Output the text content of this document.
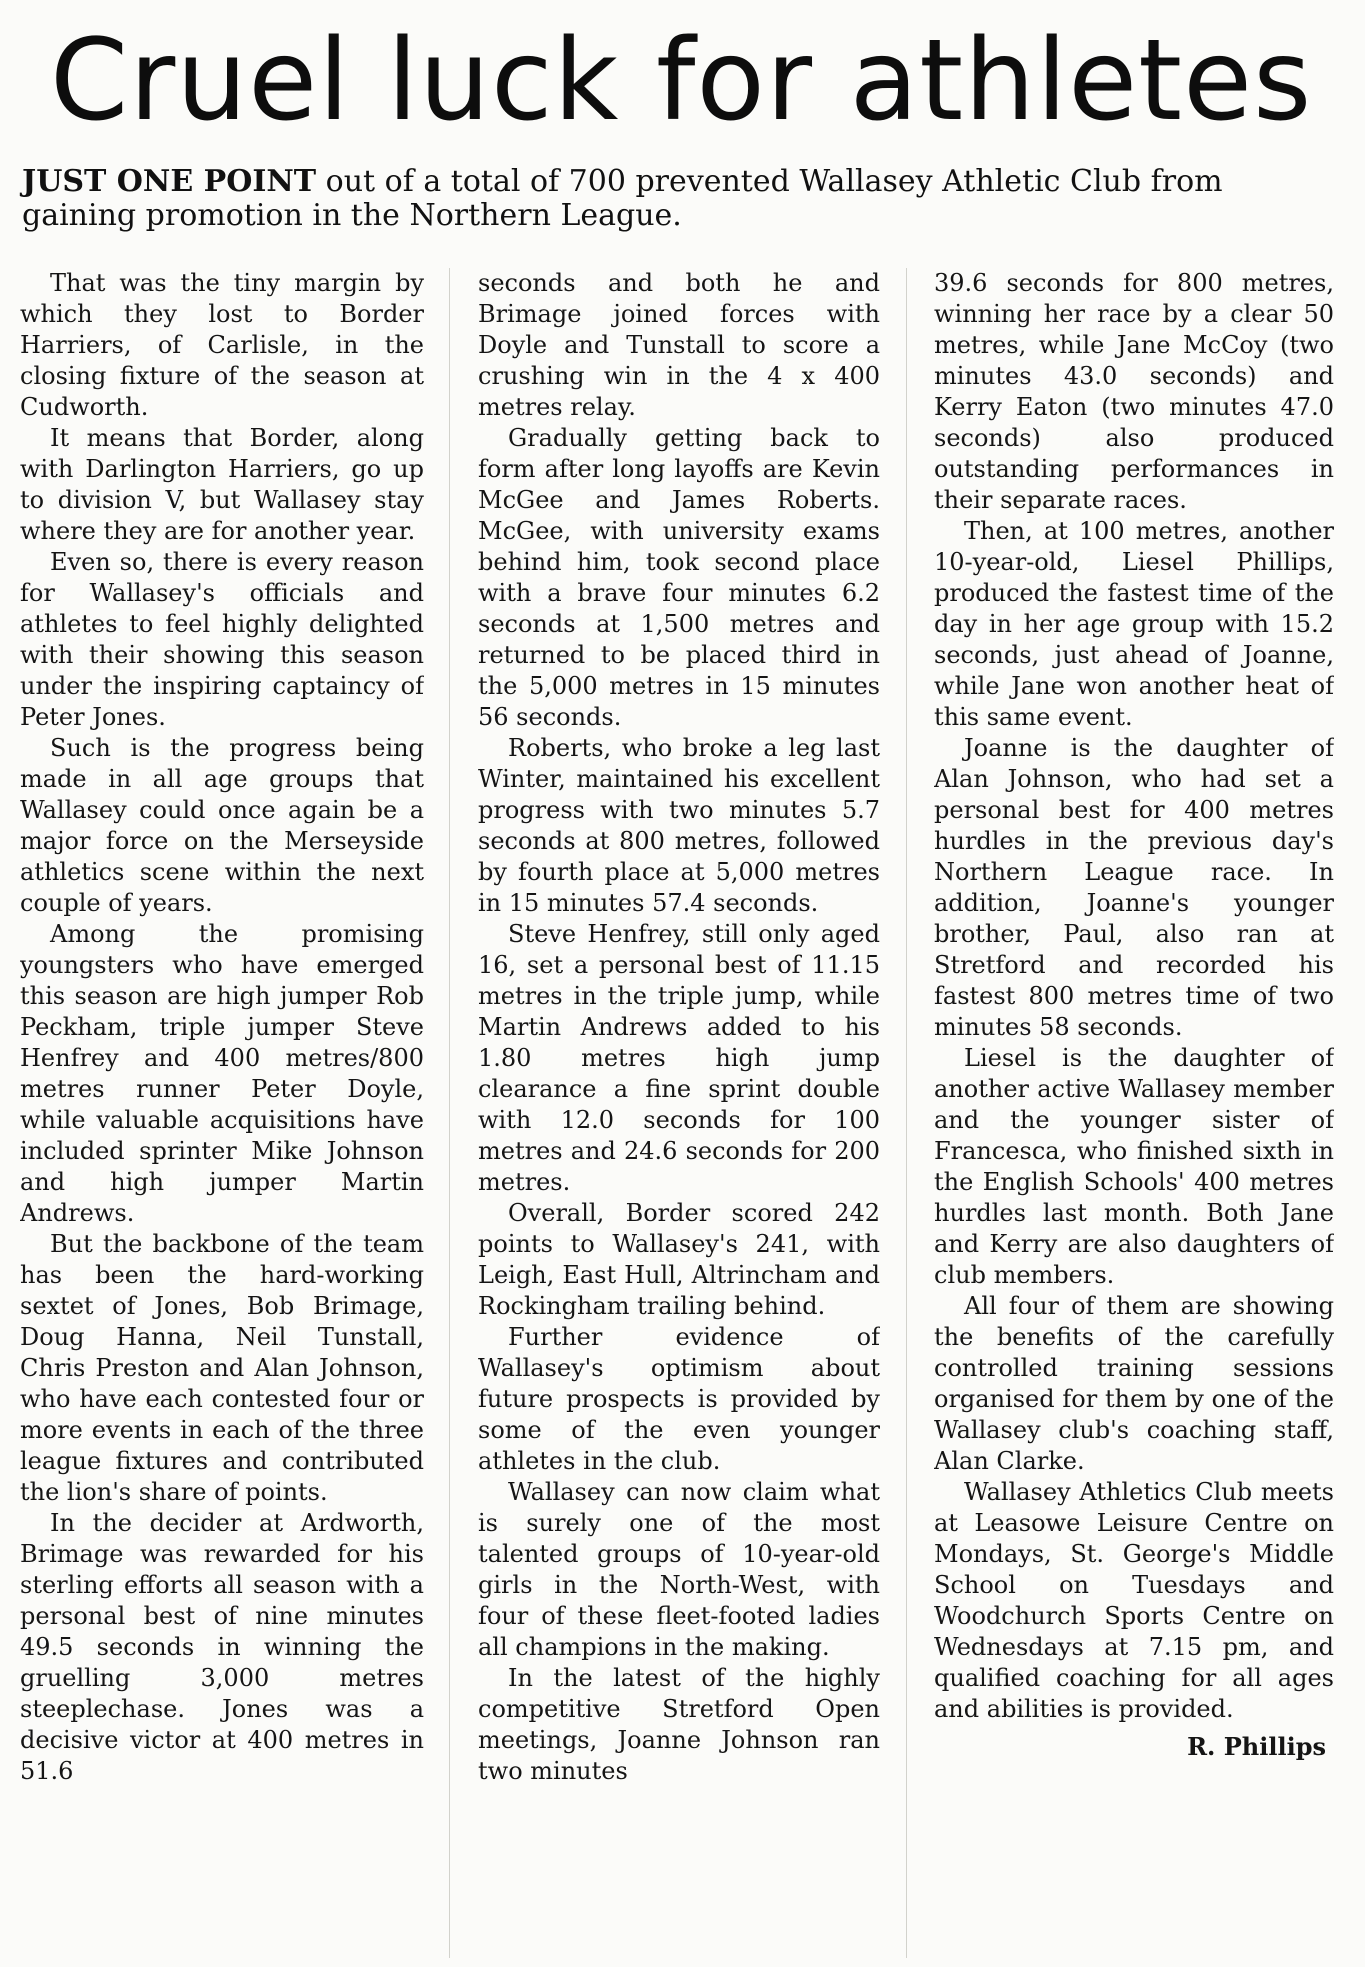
Cruel luck for athletes

JUST ONE POINT out of a total of 700 prevented Wallasey Athletic Club from gaining promotion in the Northern League.

That was the tiny margin by which they lost to Border Harriers, of Carlisle, in the closing fixture of the season at Cudworth.

It means that Border, along with Darlington Harriers, go up to division V, but Wallasey stay where they are for another year.

Even so, there is every reason for Wallasey's officials and athletes to feel highly delighted with their showing this season under the inspiring captaincy of Peter Jones.

Such is the progress being made in all age groups that Wallasey could once again be a major force on the Merseyside athletics scene within the next couple of years.

Among the promising youngsters who have emerged this season are high jumper Rob Peckham, triple jumper Steve Henfrey and 400 metres/800 metres runner Peter Doyle, while valuable acquisitions have included sprinter Mike Johnson and high jumper Martin Andrews.

But the backbone of the team has been the hard-working sextet of Jones, Bob Brimage, Doug Hanna, Neil Tunstall, Chris Preston and Alan Johnson, who have each contested four or more events in each of the three league fixtures and contributed the lion's share of points.

In the decider at Ardworth, Brimage was rewarded for his sterling efforts all season with a personal best of nine minutes 49.5 seconds in winning the gruelling 3,000 metres steeplechase. Jones was a decisive victor at 400 metres in 51.6

seconds and both he and Brimage joined forces with Doyle and Tunstall to score a crushing win in the 4 x 400 metres relay.

Gradually getting back to form after long layoffs are Kevin McGee and James Roberts. McGee, with university exams behind him, took second place with a brave four minutes 6.2 seconds at 1,500 metres and returned to be placed third in the 5,000 metres in 15 minutes 56 seconds.

Roberts, who broke a leg last Winter, maintained his excellent progress with two minutes 5.7 seconds at 800 metres, followed by fourth place at 5,000 metres in 15 minutes 57.4 seconds.

Steve Henfrey, still only aged 16, set a personal best of 11.15 metres in the triple jump, while Martin Andrews added to his 1.80 metres high jump clearance a fine sprint double with 12.0 seconds for 100 metres and 24.6 seconds for 200 metres.

Overall, Border scored 242 points to Wallasey's 241, with Leigh, East Hull, Altrincham and Rockingham trailing behind.

Further evidence of Wallasey's optimism about future prospects is provided by some of the even younger athletes in the club.

Wallasey can now claim what is surely one of the most talented groups of 10-year-old girls in the North-West, with four of these fleet-footed ladies all champions in the making.

In the latest of the highly competitive Stretford Open meetings, Joanne Johnson ran two minutes

39.6 seconds for 800 metres, winning her race by a clear 50 metres, while Jane McCoy (two minutes 43.0 seconds) and Kerry Eaton (two minutes 47.0 seconds) also produced outstanding performances in their separate races.

Then, at 100 metres, another 10-year-old, Liesel Phillips, produced the fastest time of the day in her age group with 15.2 seconds, just ahead of Joanne, while Jane won another heat of this same event.

Joanne is the daughter of Alan Johnson, who had set a personal best for 400 metres hurdles in the previous day's Northern League race. In addition, Joanne's younger brother, Paul, also ran at Stretford and recorded his fastest 800 metres time of two minutes 58 seconds.

Liesel is the daughter of another active Wallasey member and the younger sister of Francesca, who finished sixth in the English Schools' 400 metres hurdles last month. Both Jane and Kerry are also daughters of club members.

All four of them are showing the benefits of the carefully controlled training sessions organised for them by one of the Wallasey club's coaching staff, Alan Clarke.

Wallasey Athletics Club meets at Leasowe Leisure Centre on Mondays, St. George's Middle School on Tuesdays and Woodchurch Sports Centre on Wednesdays at 7.15 pm, and qualified coaching for all ages and abilities is provided.

R. Phillips
